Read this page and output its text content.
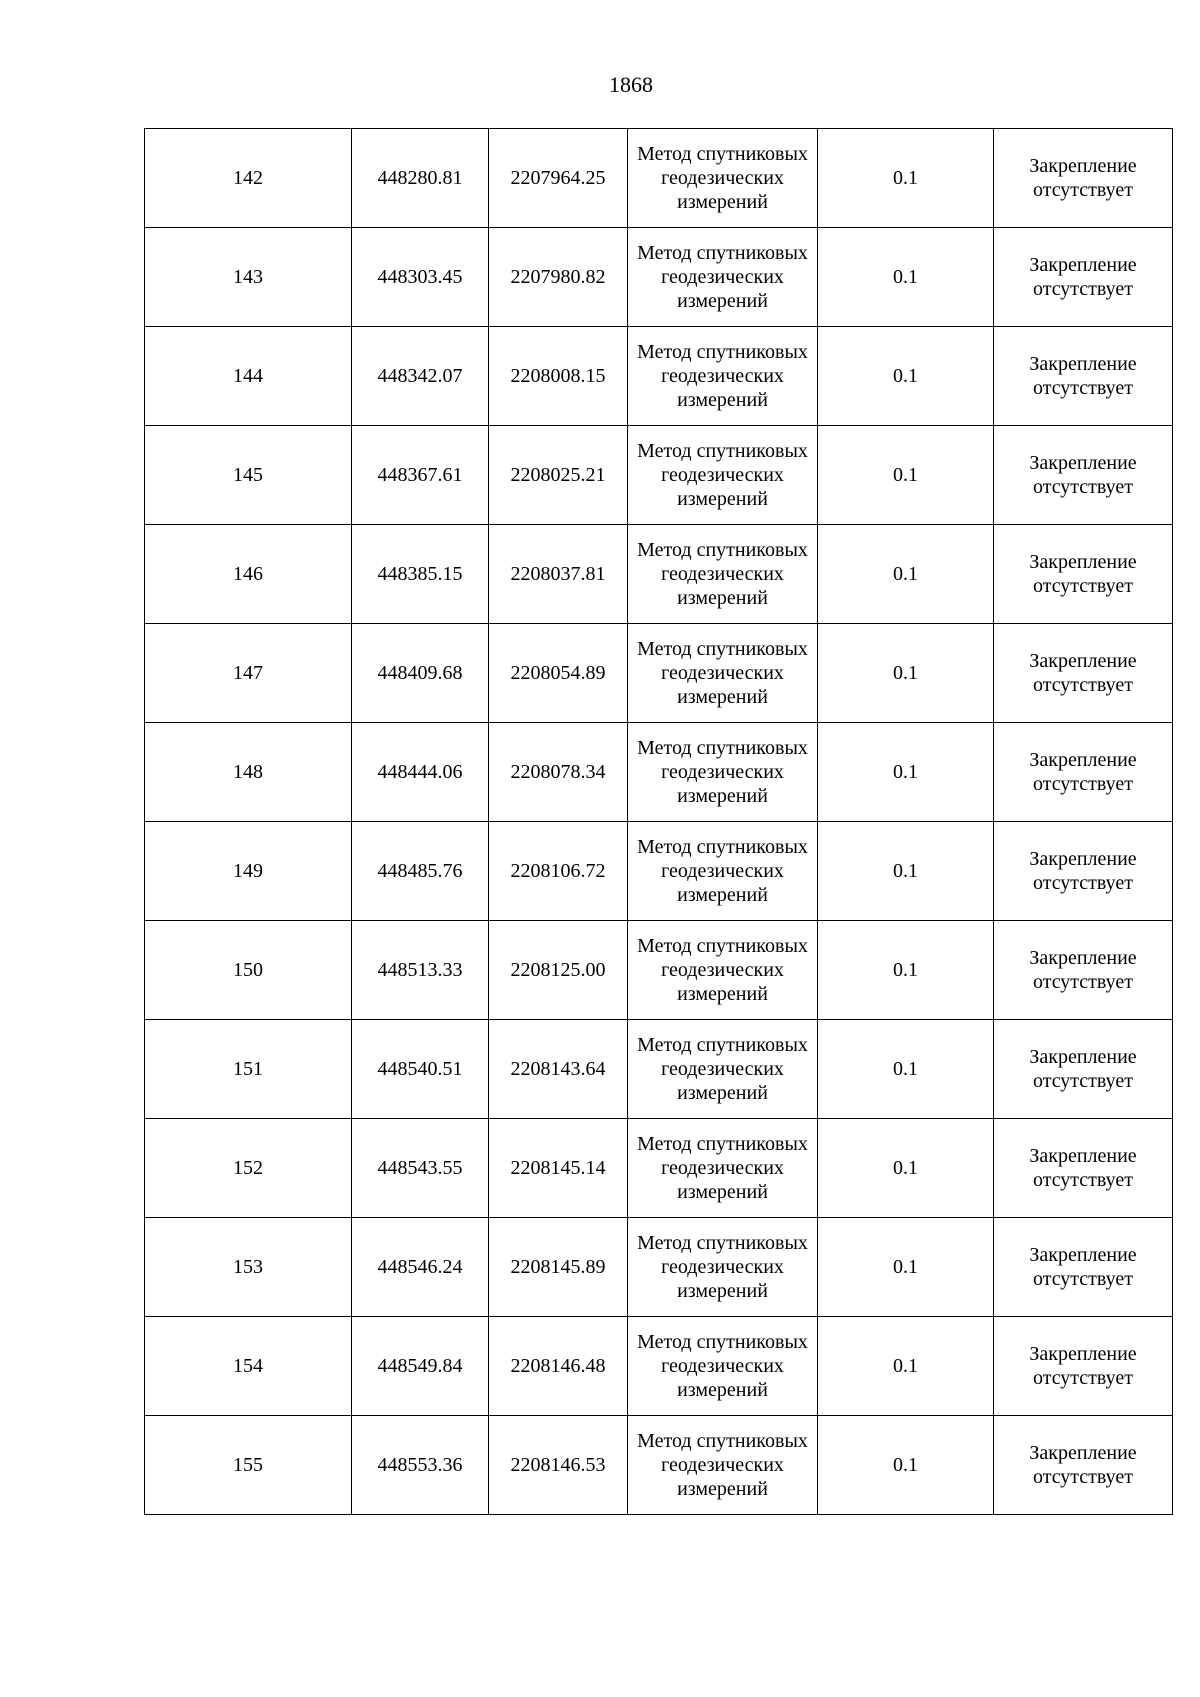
1868
142	448280.81	2207964.25	Метод спутниковых геодезических измерений	0.1	Закрепление отсутствует
143	448303.45	2207980.82	Метод спутниковых геодезических измерений	0.1	Закрепление отсутствует
144	448342.07	2208008.15	Метод спутниковых геодезических измерений	0.1	Закрепление отсутствует
145	448367.61	2208025.21	Метод спутниковых геодезических измерений	0.1	Закрепление отсутствует
146	448385.15	2208037.81	Метод спутниковых геодезических измерений	0.1	Закрепление отсутствует
147	448409.68	2208054.89	Метод спутниковых геодезических измерений	0.1	Закрепление отсутствует
148	448444.06	2208078.34	Метод спутниковых геодезических измерений	0.1	Закрепление отсутствует
149	448485.76	2208106.72	Метод спутниковых геодезических измерений	0.1	Закрепление отсутствует
150	448513.33	2208125.00	Метод спутниковых геодезических измерений	0.1	Закрепление отсутствует
151	448540.51	2208143.64	Метод спутниковых геодезических измерений	0.1	Закрепление отсутствует
152	448543.55	2208145.14	Метод спутниковых геодезических измерений	0.1	Закрепление отсутствует
153	448546.24	2208145.89	Метод спутниковых геодезических измерений	0.1	Закрепление отсутствует
154	448549.84	2208146.48	Метод спутниковых геодезических измерений	0.1	Закрепление отсутствует
155	448553.36	2208146.53	Метод спутниковых геодезических измерений	0.1	Закрепление отсутствует
